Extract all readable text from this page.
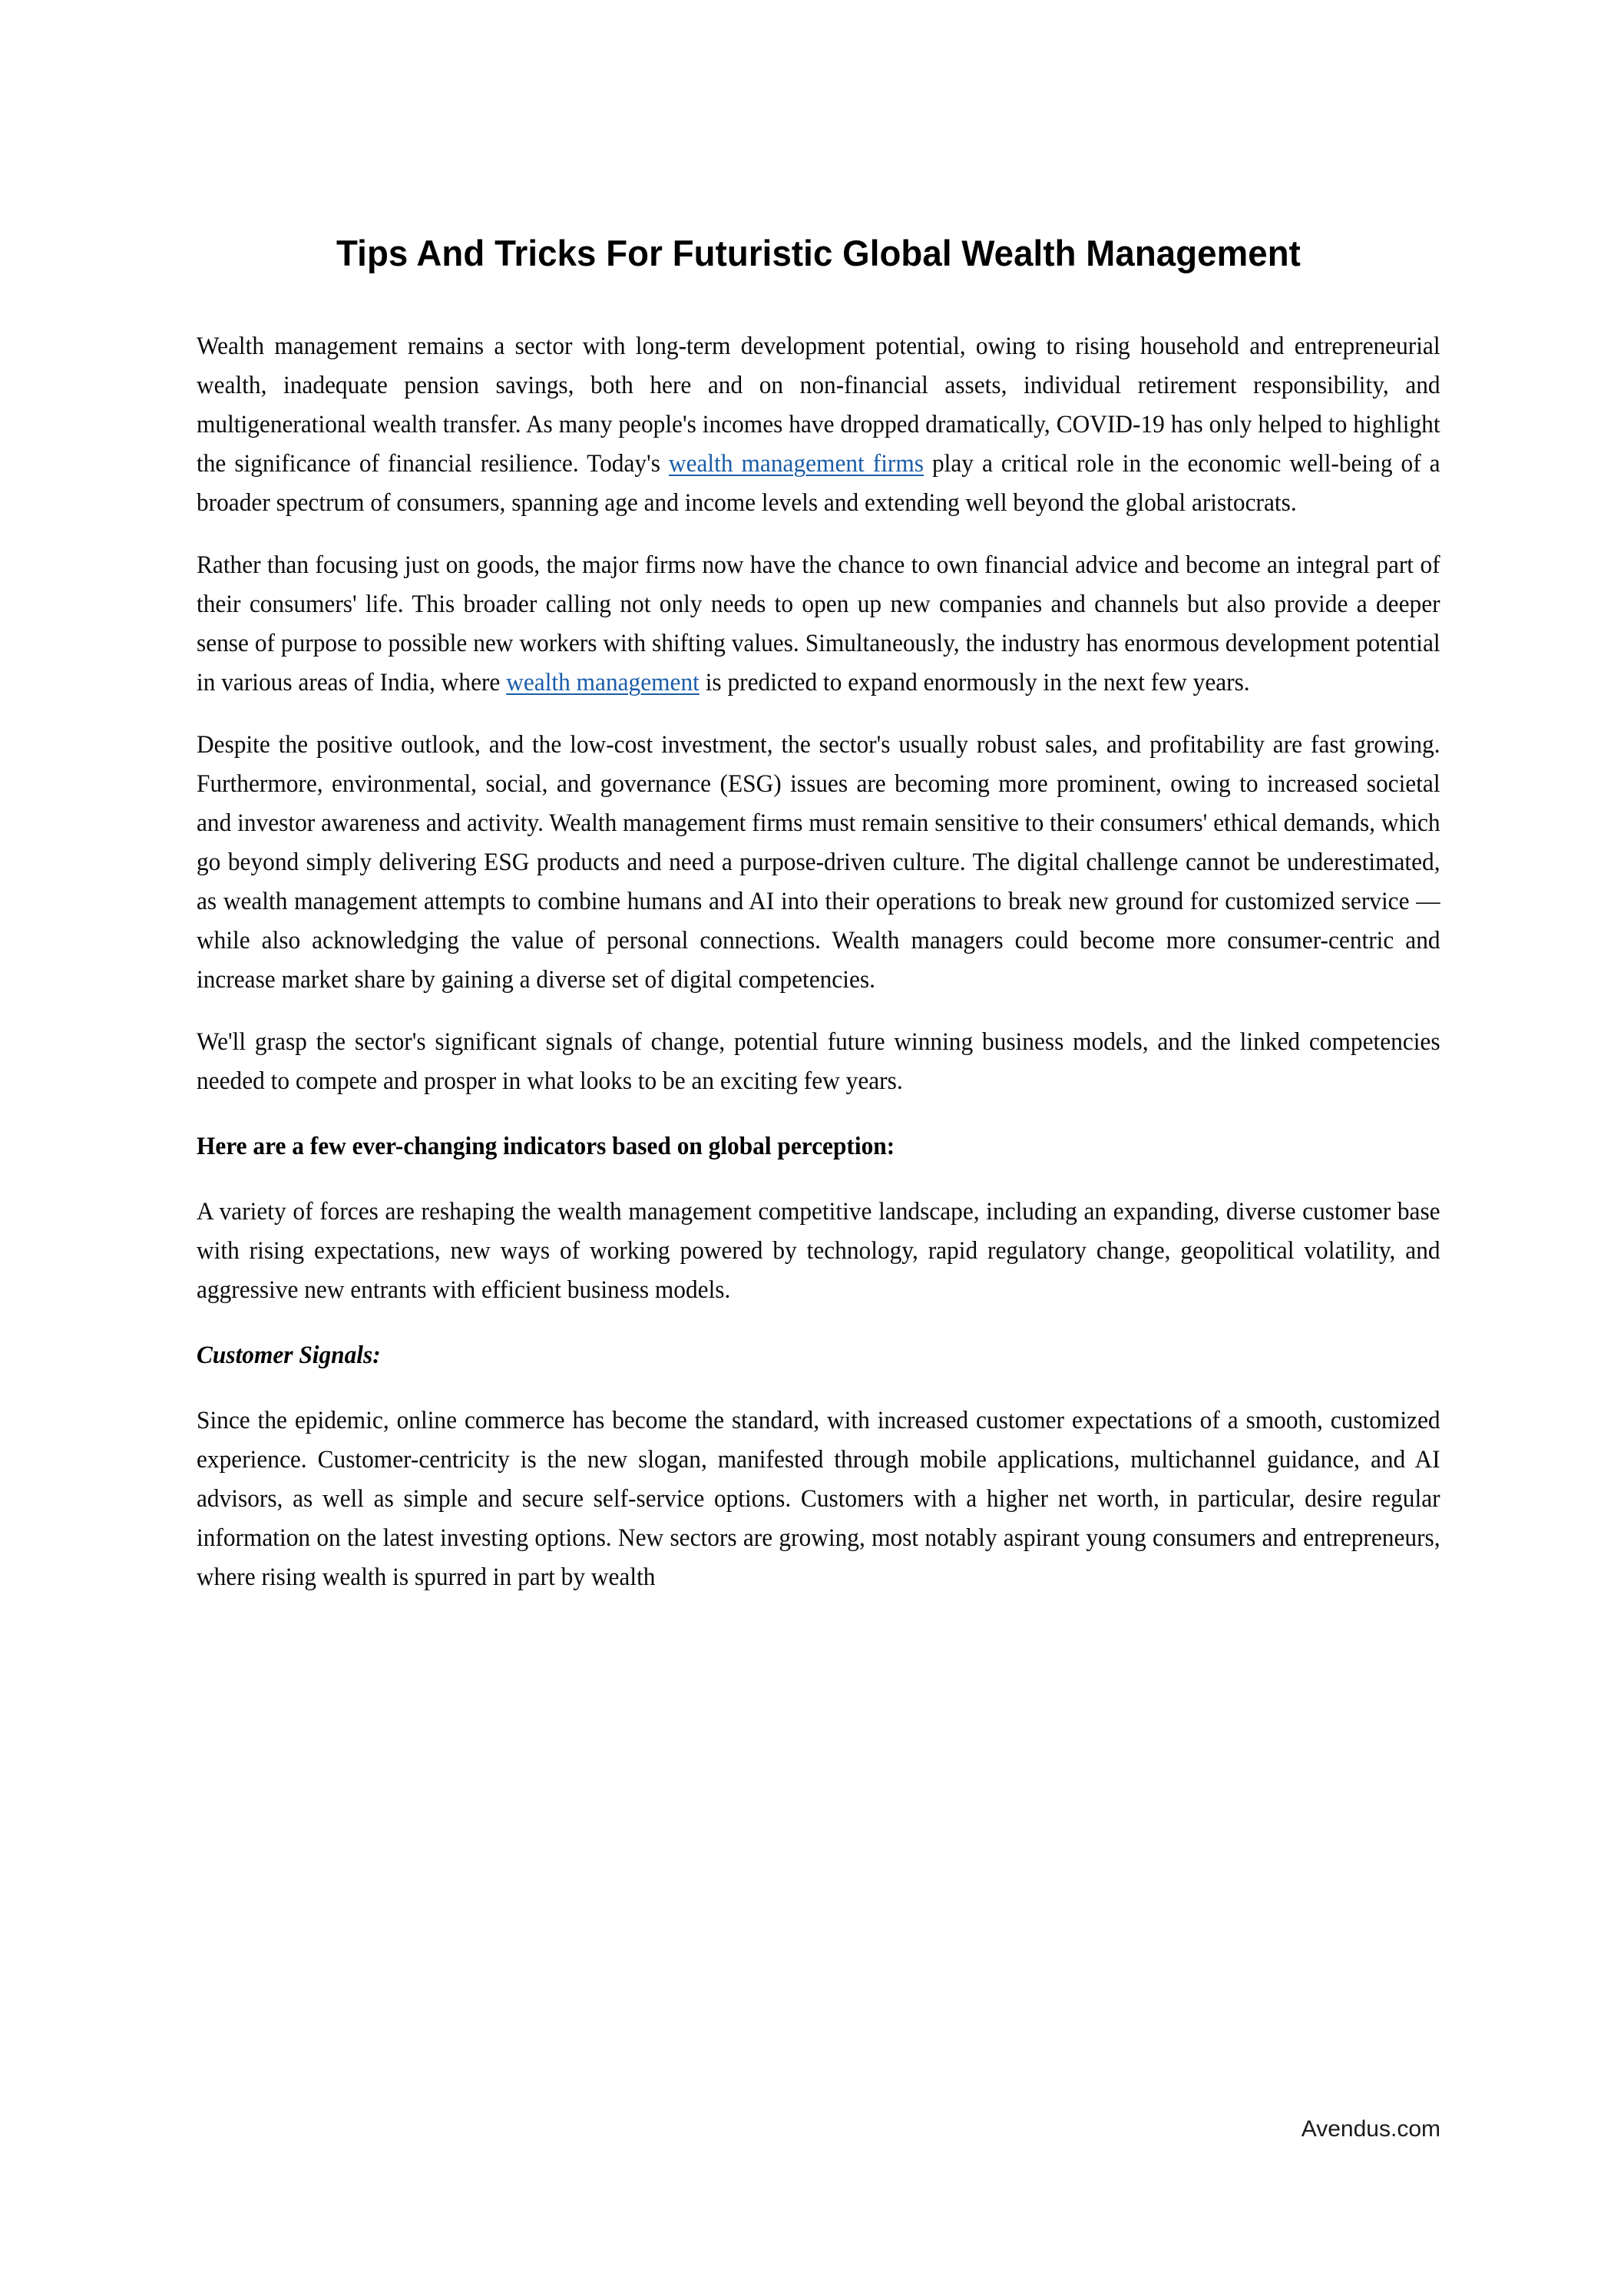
Tips And Tricks For Futuristic Global Wealth Management

Wealth management remains a sector with long-term development potential, owing to rising household and entrepreneurial wealth, inadequate pension savings, both here and on non-financial assets, individual retirement responsibility, and multigenerational wealth transfer. As many people's incomes have dropped dramatically, COVID-19 has only helped to highlight the significance of financial resilience. Today's wealth management firms play a critical role in the economic well-being of a broader spectrum of consumers, spanning age and income levels and extending well beyond the global aristocrats.

Rather than focusing just on goods, the major firms now have the chance to own financial advice and become an integral part of their consumers' life. This broader calling not only needs to open up new companies and channels but also provide a deeper sense of purpose to possible new workers with shifting values. Simultaneously, the industry has enormous development potential in various areas of India, where wealth management is predicted to expand enormously in the next few years.

Despite the positive outlook, and the low-cost investment, the sector's usually robust sales, and profitability are fast growing. Furthermore, environmental, social, and governance (ESG) issues are becoming more prominent, owing to increased societal and investor awareness and activity. Wealth management firms must remain sensitive to their consumers' ethical demands, which go beyond simply delivering ESG products and need a purpose-driven culture. The digital challenge cannot be underestimated, as wealth management attempts to combine humans and AI into their operations to break new ground for customized service — while also acknowledging the value of personal connections. Wealth managers could become more consumer-centric and increase market share by gaining a diverse set of digital competencies.

We'll grasp the sector's significant signals of change, potential future winning business models, and the linked competencies needed to compete and prosper in what looks to be an exciting few years.

Here are a few ever-changing indicators based on global perception:

A variety of forces are reshaping the wealth management competitive landscape, including an expanding, diverse customer base with rising expectations, new ways of working powered by technology, rapid regulatory change, geopolitical volatility, and aggressive new entrants with efficient business models.

Customer Signals:

Since the epidemic, online commerce has become the standard, with increased customer expectations of a smooth, customized experience. Customer-centricity is the new slogan, manifested through mobile applications, multichannel guidance, and AI advisors, as well as simple and secure self-service options. Customers with a higher net worth, in particular, desire regular information on the latest investing options. New sectors are growing, most notably aspirant young consumers and entrepreneurs, where rising wealth is spurred in part by wealth

Avendus.com
